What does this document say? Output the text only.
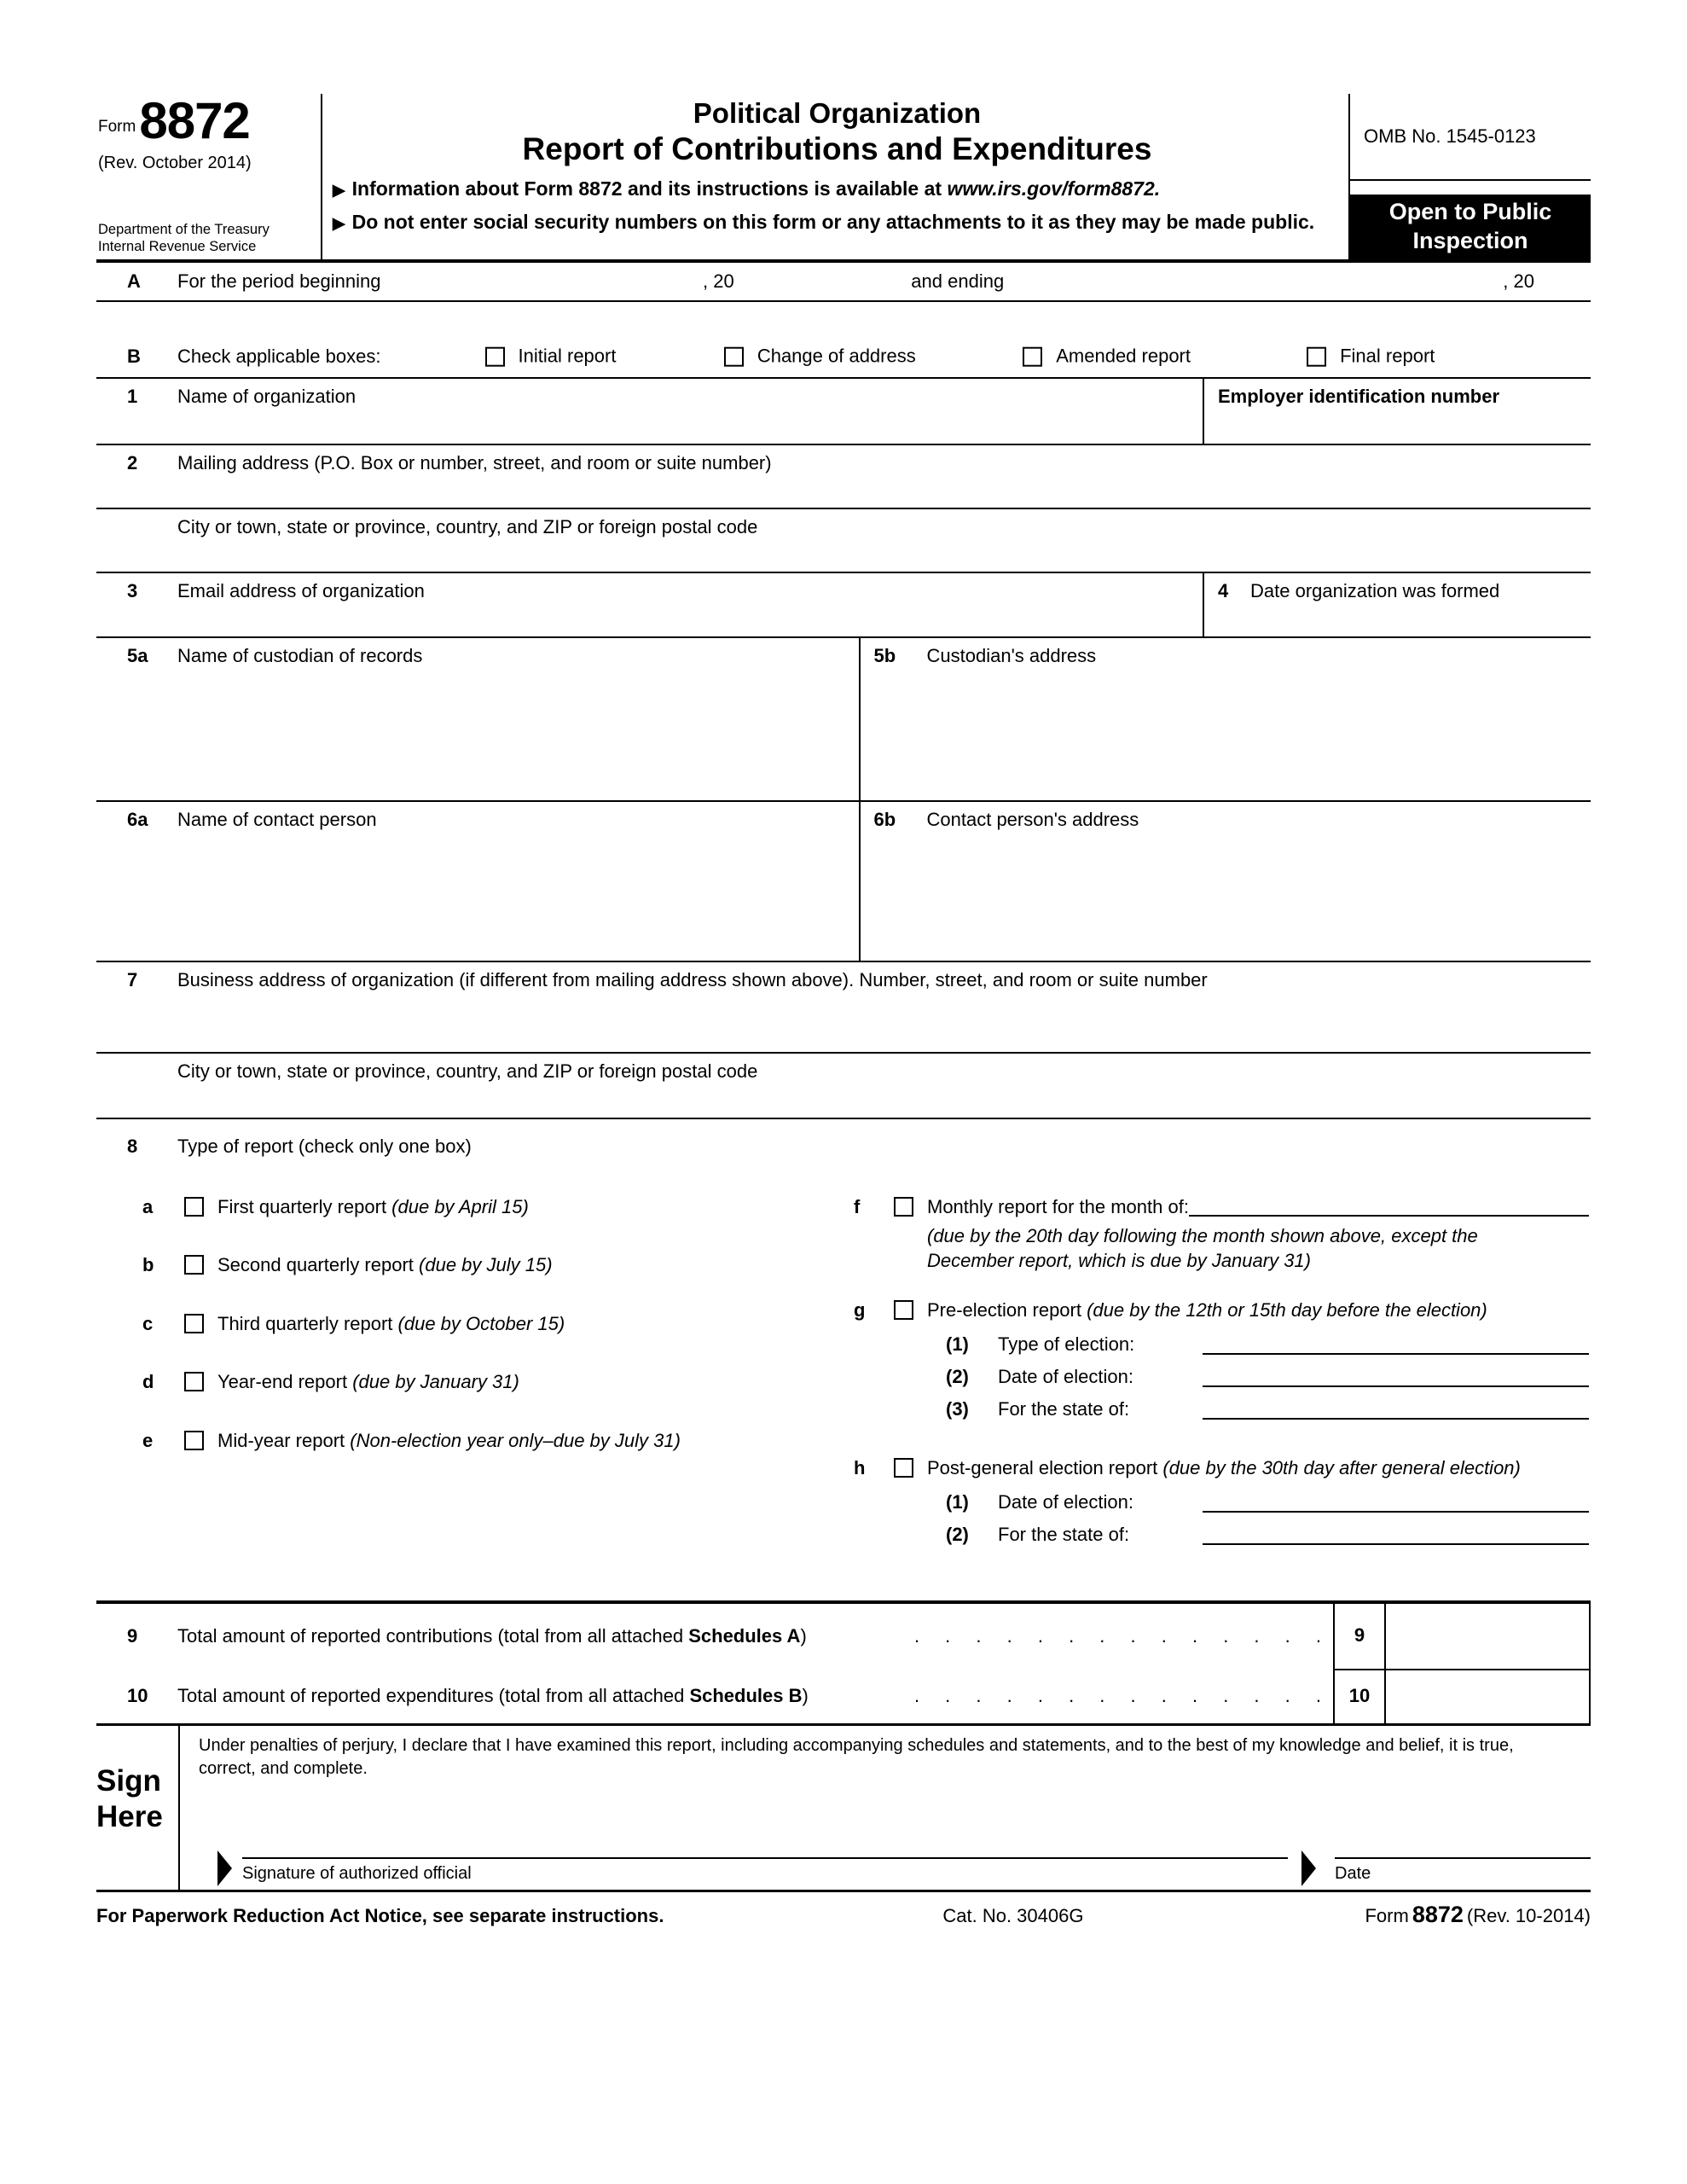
Form8872
(Rev. October 2014)
Department of the Treasury
Internal Revenue Service
Political Organization
Report of Contributions and Expenditures
▶ Information about Form 8872 and its instructions is available at www.irs.gov/form8872.
▶ Do not enter social security numbers on this form or any attachments to it as they may be made public.
OMB No. 1545-0123
Open to Public
Inspection
A	For the period beginning	, 20	and ending	, 20
B	Check applicable boxes:	Initial report	Change of address	Amended report	Final report
1 Name of organization	Employer identification number
2 Mailing address (P.O. Box or number, street, and room or suite number)
City or town, state or province, country, and ZIP or foreign postal code
3 Email address of organization	4 Date organization was formed
5a Name of custodian of records	5b Custodian's address
6a Name of contact person	6b Contact person's address
7 Business address of organization (if different from mailing address shown above). Number, street, and room or suite number
City or town, state or province, country, and ZIP or foreign postal code
8 Type of report (check only one box)
a	First quarterly report (due by April 15)
b	Second quarterly report (due by July 15)
c	Third quarterly report (due by October 15)
d	Year-end report (due by January 31)
e	Mid-year report (Non-election year only–due by July 31)
f	Monthly report for the month of:
(due by the 20th day following the month shown above, except the December report, which is due by January 31)
g	Pre-election report (due by the 12th or 15th day before the election)
(1)	Type of election:
(2)	Date of election:
(3)	For the state of:
h	Post-general election report (due by the 30th day after general election)
(1)	Date of election:
(2)	For the state of:
9	Total amount of reported contributions (total from all attached Schedules A)	. . . . . . . . . . . . . .	9
10	Total amount of reported expenditures (total from all attached Schedules B)	. . . . . . . . . . . . . .	10
Sign
Here
Under penalties of perjury, I declare that I have examined this report, including accompanying schedules and statements, and to the best of my knowledge and belief, it is true, correct, and complete.
Signature of authorized official	Date
For Paperwork Reduction Act Notice, see separate instructions.	Cat. No. 30406G	Form 8872 (Rev. 10-2014)
